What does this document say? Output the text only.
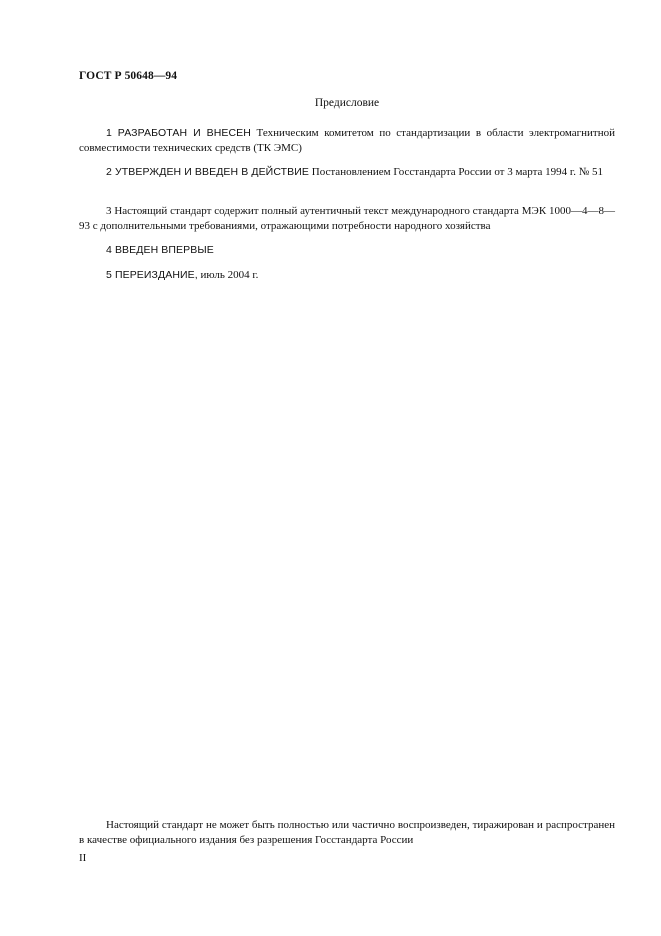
ГОСТ Р 50648—94
Предисловие
1 РАЗРАБОТАН И ВНЕСЕН Техническим комитетом по стандартизации в области электромагнитной совместимости технических средств (ТК ЭМС)
2 УТВЕРЖДЕН И ВВЕДЕН В ДЕЙСТВИЕ Постановлением Госстандарта России от 3 марта 1994 г. № 51
3 Настоящий стандарт содержит полный аутентичный текст международного стандарта МЭК 1000—4—8—93 с дополнительными требованиями, отражающими потребности народного хозяйства
4 ВВЕДЕН ВПЕРВЫЕ
5 ПЕРЕИЗДАНИЕ, июль 2004 г.
Настоящий стандарт не может быть полностью или частично воспроизведен, тиражирован и распространен в качестве официального издания без разрешения Госстандарта России
II
